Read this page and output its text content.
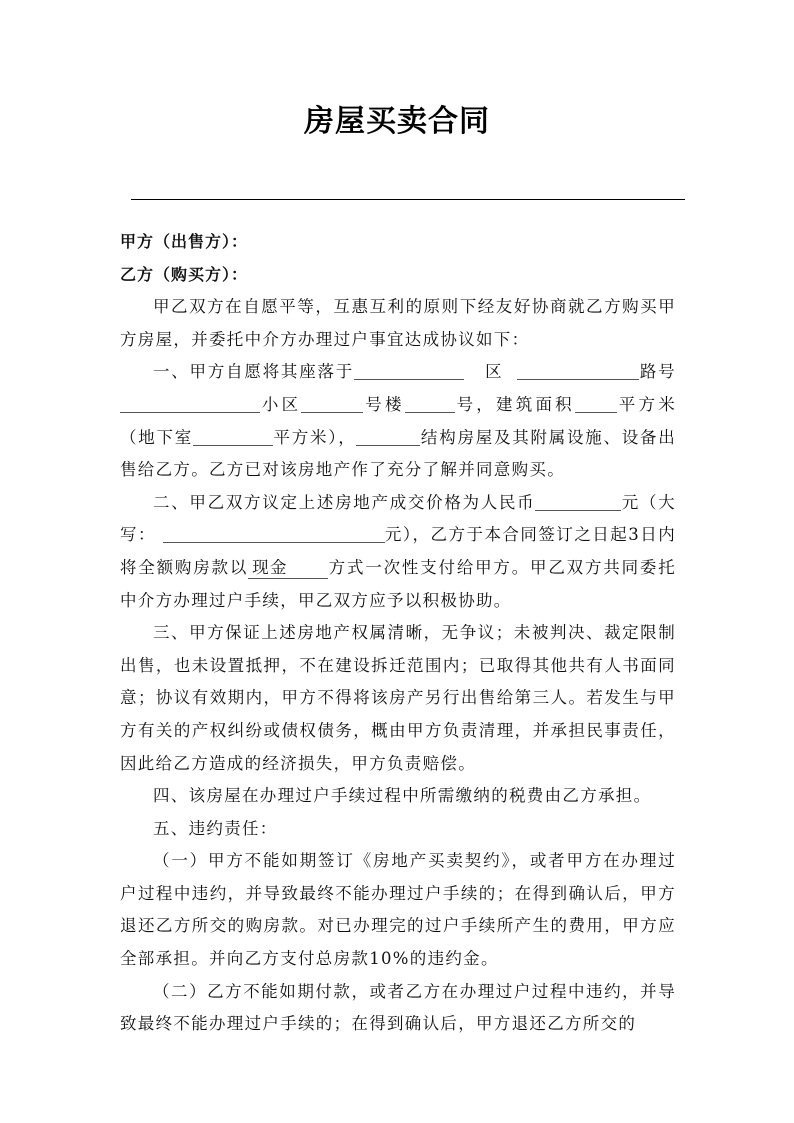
房屋买卖合同
甲方（出售方）：
乙方（购买方）：

甲乙双方在自愿平等，互惠互利的原则下经友好协商就乙方购买甲方房屋，并委托中介方办理过户事宜达成协议如下：

一、甲方自愿将其座落于	区	路号小区	号楼	号，建筑面积	平方米（地下室	平方米），	结构房屋及其附属设施、设备出售给乙方。乙方已对该房地产作了充分了解并同意购买。

二、甲乙双方议定上述房地产成交价格为人民币	元（大写：	元），乙方于本合同签订之日起3日内将全额购房款以 现金 方式一次性支付给甲方。甲乙双方共同委托中介方办理过户手续，甲乙双方应予以积极协助。

三、甲方保证上述房地产权属清晰，无争议；未被判决、裁定限制出售，也未设置抵押，不在建设拆迁范围内；已取得其他共有人书面同意；协议有效期内，甲方不得将该房产另行出售给第三人。若发生与甲方有关的产权纠纷或债权债务，概由甲方负责清理，并承担民事责任，因此给乙方造成的经济损失，甲方负责赔偿。

四、该房屋在办理过户手续过程中所需缴纳的税费由乙方承担。

五、违约责任：

（一）甲方不能如期签订《房地产买卖契约》，或者甲方在办理过户过程中违约，并导致最终不能办理过户手续的；在得到确认后，甲方退还乙方所交的购房款。对已办理完的过户手续所产生的费用，甲方应全部承担。并向乙方支付总房款10%的违约金。

（二）乙方不能如期付款，或者乙方在办理过户过程中违约，并导致最终不能办理过户手续的；在得到确认后，甲方退还乙方所交的
